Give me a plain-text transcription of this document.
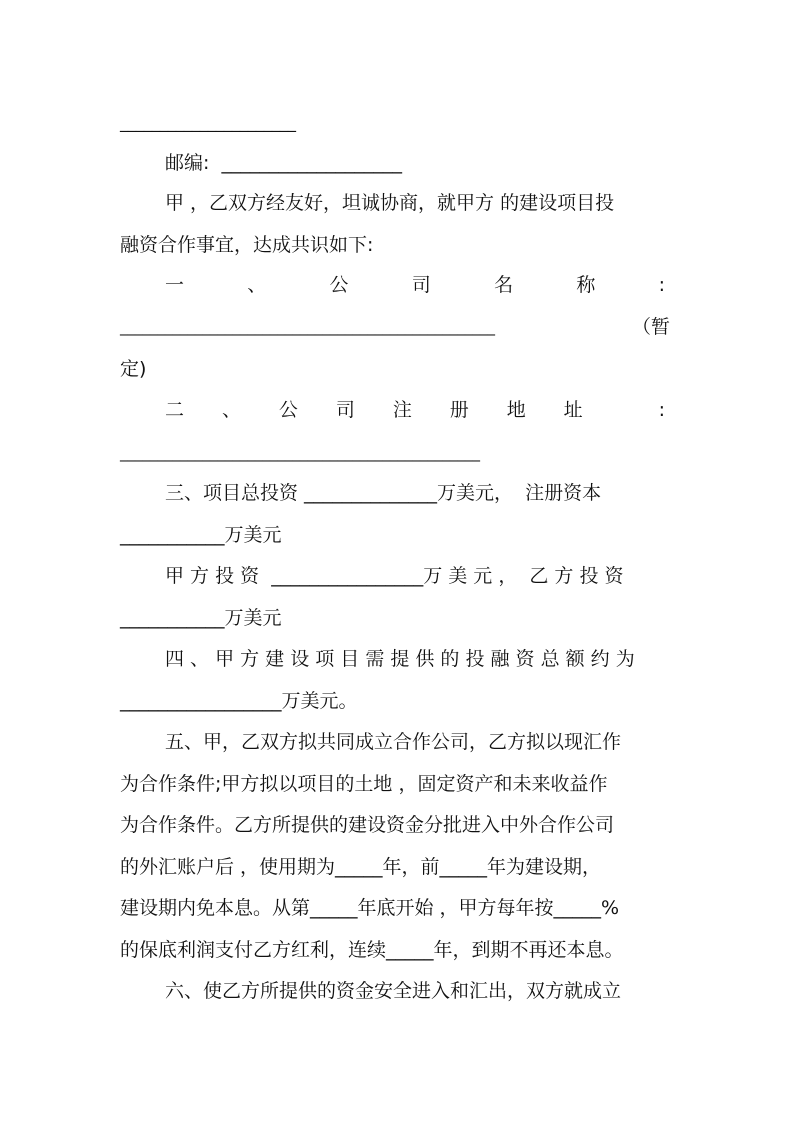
______________________
邮编:  ___________________
甲 ，乙双方经友好，坦诚协商，就甲方 的建设项目投
融资合作事宜，达成共识如下:
一	、	公	司	名	称	:
__________________________________________________	（暂
定)
二 、 公 司 注 册 地 址	:
________________________________________________
三、项目总投资 ______________万美元，  注册资本
___________万美元
甲 方 投 资  ________________万 美 元 ，  乙 方 投 资
___________万美元
四 、 甲 方 建 设 项 目 需 提 供 的 投 融 资 总 额 约 为
_________________万美元。
五、甲，乙双方拟共同成立合作公司，乙方拟以现汇作
为合作条件;甲方拟以项目的土地 ，固定资产和未来收益作
为合作条件。乙方所提供的建设资金分批进入中外合作公司
的外汇账户后 ，使用期为_____年，前_____年为建设期，
建设期内免本息。从第_____年底开始 ，甲方每年按_____%
的保底利润支付乙方红利，连续_____年，到期不再还本息。
六、使乙方所提供的资金安全进入和汇出，双方就成立
